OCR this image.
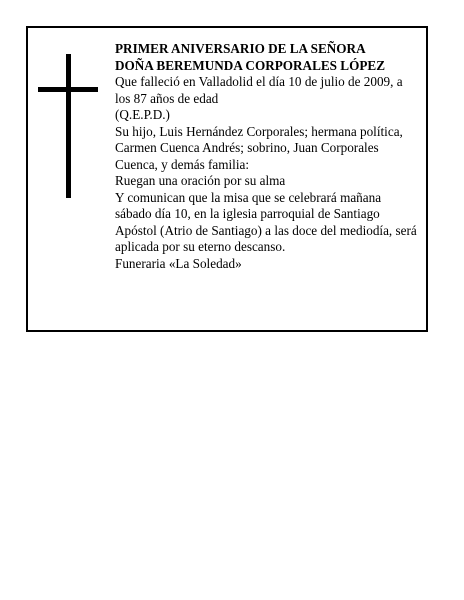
PRIMER ANIVERSARIO DE LA SEÑORA

DOÑA BEREMUNDA CORPORALES LÓPEZ

Que falleció en Valladolid el día 10 de julio de 2009, a los 87 años de edad

(Q.E.P.D.)

Su hijo, Luis Hernández Corporales; hermana política, Carmen Cuenca Andrés; sobrino, Juan Corporales Cuenca, y demás familia:

Ruegan una oración por su alma

Y comunican que la misa que se celebrará mañana sábado día 10, en la iglesia parroquial de Santiago Apóstol (Atrio de Santiago) a las doce del mediodía, será aplicada por su eterno descanso.

Funeraria «La Soledad»
